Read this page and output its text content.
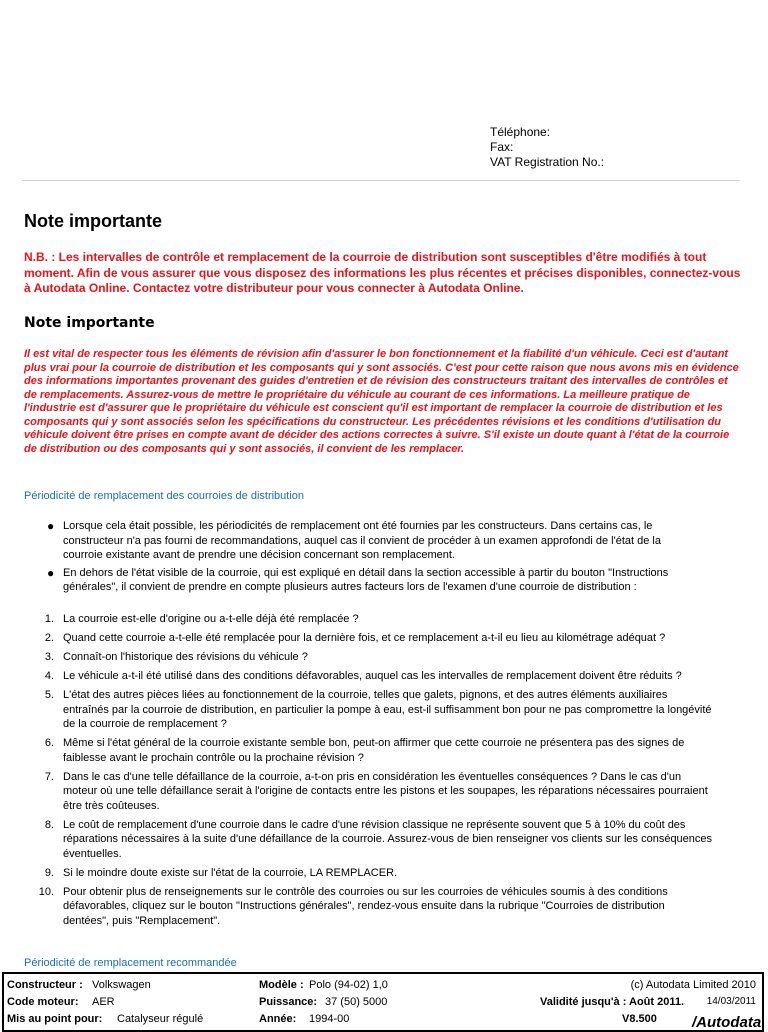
Téléphone:
Fax:
VAT Registration No.:
Note importante

N.B. : Les intervalles de contrôle et remplacement de la courroie de distribution sont susceptibles d'être modifiés à tout moment. Afin de vous assurer que vous disposez des informations les plus récentes et précises disponibles, connectez-vous à Autodata Online. Contactez votre distributeur pour vous connecter à Autodata Online.

Note importante

Il est vital de respecter tous les éléments de révision afin d'assurer le bon fonctionnement et la fiabilité d'un véhicule. Ceci est d'autant plus vrai pour la courroie de distribution et les composants qui y sont associés. C'est pour cette raison que nous avons mis en évidence des informations importantes provenant des guides d'entretien et de révision des constructeurs traitant des intervalles de contrôles et de remplacements. Assurez-vous de mettre le propriétaire du véhicule au courant de ces informations. La meilleure pratique de l'industrie est d'assurer que le propriétaire du véhicule est conscient qu'il est important de remplacer la courroie de distribution et les composants qui y sont associés selon les spécifications du constructeur. Les précédentes révisions et les conditions d'utilisation du véhicule doivent être prises en compte avant de décider des actions correctes à suivre. S'il existe un doute quant à l'état de la courroie de distribution ou des composants qui y sont associés, il convient de les remplacer.

Périodicité de remplacement des courroies de distribution

● Lorsque cela était possible, les périodicités de remplacement ont été fournies par les constructeurs. Dans certains cas, le constructeur n'a pas fourni de recommandations, auquel cas il convient de procéder à un examen approfondi de l'état de la courroie existante avant de prendre une décision concernant son remplacement.
● En dehors de l'état visible de la courroie, qui est expliqué en détail dans la section accessible à partir du bouton "Instructions générales", il convient de prendre en compte plusieurs autres facteurs lors de l'examen d'une courroie de distribution :
1. La courroie est-elle d'origine ou a-t-elle déjà été remplacée ?
2. Quand cette courroie a-t-elle été remplacée pour la dernière fois, et ce remplacement a-t-il eu lieu au kilométrage adéquat ?
3. Connaît-on l'historique des révisions du véhicule ?
4. Le véhicule a-t-il été utilisé dans des conditions défavorables, auquel cas les intervalles de remplacement doivent être réduits ?
5. L'état des autres pièces liées au fonctionnement de la courroie, telles que galets, pignons, et des autres éléments auxiliaires entraînés par la courroie de distribution, en particulier la pompe à eau, est-il suffisamment bon pour ne pas compromettre la longévité de la courroie de remplacement ?
6. Même si l'état général de la courroie existante semble bon, peut-on affirmer que cette courroie ne présentera pas des signes de faiblesse avant le prochain contrôle ou la prochaine révision ?
7. Dans le cas d'une telle défaillance de la courroie, a-t-on pris en considération les éventuelles conséquences ? Dans le cas d'un moteur où une telle défaillance serait à l'origine de contacts entre les pistons et les soupapes, les réparations nécessaires pourraient être très coûteuses.
8. Le coût de remplacement d'une courroie dans le cadre d'une révision classique ne représente souvent que 5 à 10% du coût des réparations nécessaires à la suite d'une défaillance de la courroie. Assurez-vous de bien renseigner vos clients sur les conséquences éventuelles.
9. Si le moindre doute existe sur l'état de la courroie, LA REMPLACER.
10. Pour obtenir plus de renseignements sur le contrôle des courroies ou sur les courroies de véhicules soumis à des conditions défavorables, cliquez sur le bouton "Instructions générales", rendez-vous ensuite dans la rubrique "Courroies de distribution dentées", puis "Remplacement".

Périodicité de remplacement recommandée

Constructeur : Volkswagen
Code moteur: AER
Mis au point pour: Catalyseur régulé
Modèle : Polo (94-02) 1,0
Puissance: 37 (50) 5000
Année: 1994-00
(c) Autodata Limited 2010
Validité jusqu'à : Août 2011. 14/03/2011
V8.500 /Autodata
